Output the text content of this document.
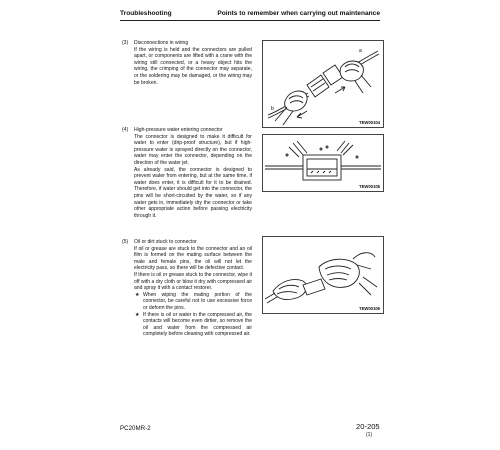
Troubleshooting	Points to remember when carrying out maintenance

(3) Disconnections in wiring

If the wiring is held and the connectors are pulled apart, or components are lifted with a crane with the wiring still connected, or a heavy object hits the wiring, the crimping of the connector may separate, or the soldering may be damaged, or the wiring may be broken.

(4) High-pressure water entering connector

The connector is designed to make it difficult for water to enter (drip-proof structure), but if high-pressure water is sprayed directly on the connector, water may enter the connector, depending on the direction of the water jet.

As already said, the connector is designed to prevent water from entering, but at the same time, if water does enter, it is difficult for it to be drained. Therefore, if water should get into the connector, the pins will be short-circuited by the water, so if any water gets in, immediately dry the connector or take other appropriate action before passing electricity through it.

(5) Oil or dirt stuck to connector

If oil or grease are stuck to the connector and an oil film is formed on the mating surface between the male and female pins, the oil will not let the electricity pass, so there will be defective contact.

If there is oil or grease stuck to the connector, wipe it off with a dry cloth or blow it dry with compressed air and spray it with a contact restorer.

★ When wiping the mating portion of the connector, be careful not to use excessive force or deform the pins.

★ If there is oil or water in the compressed air, the contacts will become even dirtier, so remove the oil and water from the compressed air completely before cleaning with compressed air.

a
b
TEW00104
TEW00105
TEW00106
PC20MR-2	20-205
(1)
